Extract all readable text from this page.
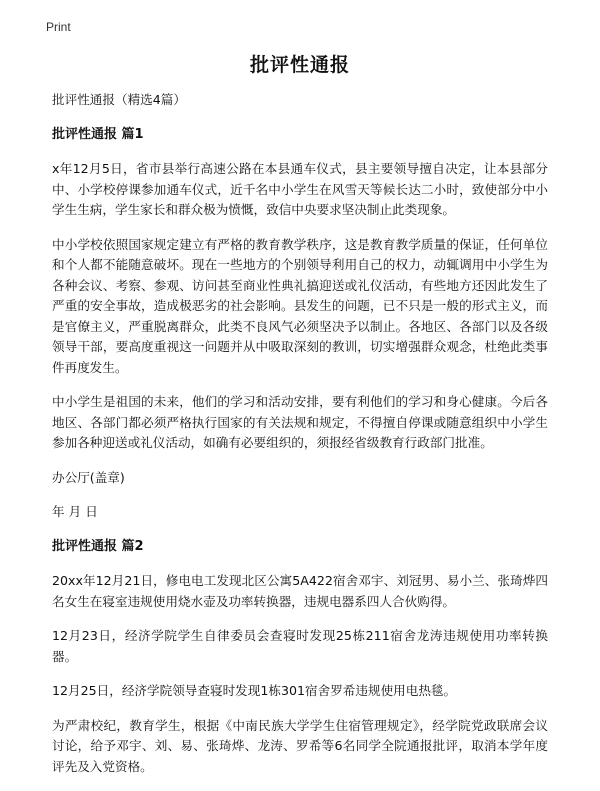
Print
批评性通报

批评性通报（精选4篇）

批评性通报 篇1

x年12月5日，省市县举行高速公路在本县通车仪式，县主要领导擅自决定，让本县部分中、小学校停课参加通车仪式，近千名中小学生在风雪天等候长达二小时，致使部分中小学生生病，学生家长和群众极为愤慨，致信中央要求坚决制止此类现象。

中小学校依照国家规定建立有严格的教育教学秩序，这是教育教学质量的保证，任何单位和个人都不能随意破坏。现在一些地方的个别领导利用自己的权力，动辄调用中小学生为各种会议、考察、参观、访问甚至商业性典礼搞迎送或礼仪活动，有些地方还因此发生了严重的安全事故，造成极恶劣的社会影响。县发生的问题，已不只是一般的形式主义，而是官僚主义，严重脱离群众，此类不良风气必须坚决予以制止。各地区、各部门以及各级领导干部，要高度重视这一问题并从中吸取深刻的教训，切实增强群众观念，杜绝此类事件再度发生。

中小学生是祖国的未来，他们的学习和活动安排，要有利他们的学习和身心健康。今后各地区、各部门都必须严格执行国家的有关法规和规定，不得擅自停课或随意组织中小学生参加各种迎送或礼仪活动，如确有必要组织的，须报经省级教育行政部门批准。

办公厅(盖章)

年 月 日

批评性通报 篇2

20xx年12月21日，修电电工发现北区公寓5A422宿舍邓宇、刘冠男、易小兰、张琦烨四名女生在寝室违规使用烧水壶及功率转换器，违规电器系四人合伙购得。

12月23日，经济学院学生自律委员会查寝时发现25栋211宿舍龙涛违规使用功率转换器。

12月25日，经济学院领导查寝时发现1栋301宿舍罗希违规使用电热毯。

为严肃校纪，教育学生，根据《中南民族大学学生住宿管理规定》，经学院党政联席会议讨论，给予邓宇、刘、易、张琦烨、龙涛、罗希等6名同学全院通报批评，取消本学年度评先及入党资格。
